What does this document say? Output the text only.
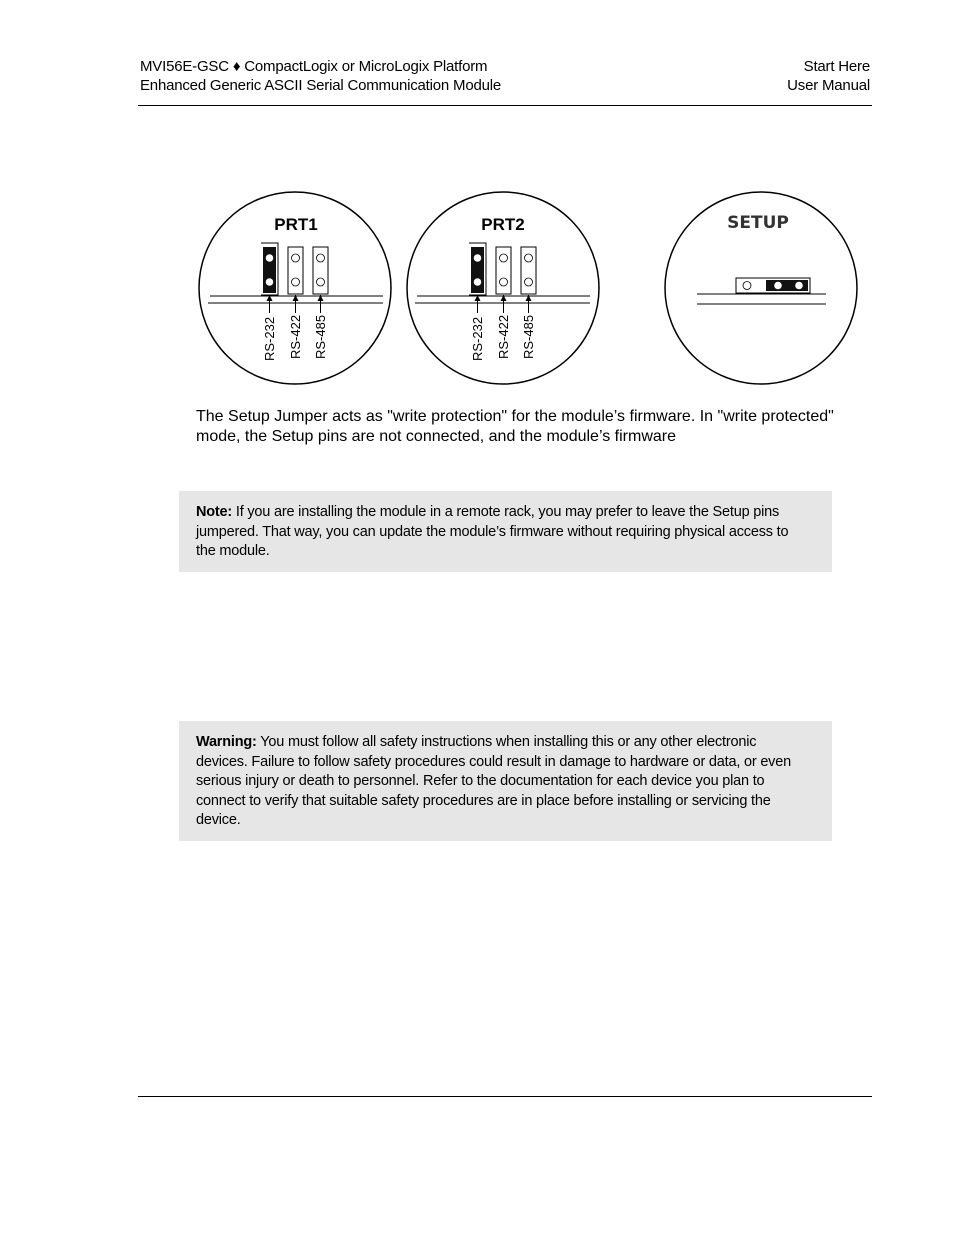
MVI56E-GSC ♦ CompactLogix or MicroLogix Platform
Enhanced Generic ASCII Serial Communication Module
Start Here
User Manual
PRT1
RS-232 RS-422 RS-485
PRT2
RS-232 RS-422 RS-485
SETUP
The Setup Jumper acts as "write protection" for the module’s firmware. In "write protected" mode, the Setup pins are not connected, and the module’s firmware
Note: If you are installing the module in a remote rack, you may prefer to leave the Setup pins jumpered. That way, you can update the module’s firmware without requiring physical access to the module.
Warning: You must follow all safety instructions when installing this or any other electronic devices. Failure to follow safety procedures could result in damage to hardware or data, or even serious injury or death to personnel. Refer to the documentation for each device you plan to connect to verify that suitable safety procedures are in place before installing or servicing the device.
